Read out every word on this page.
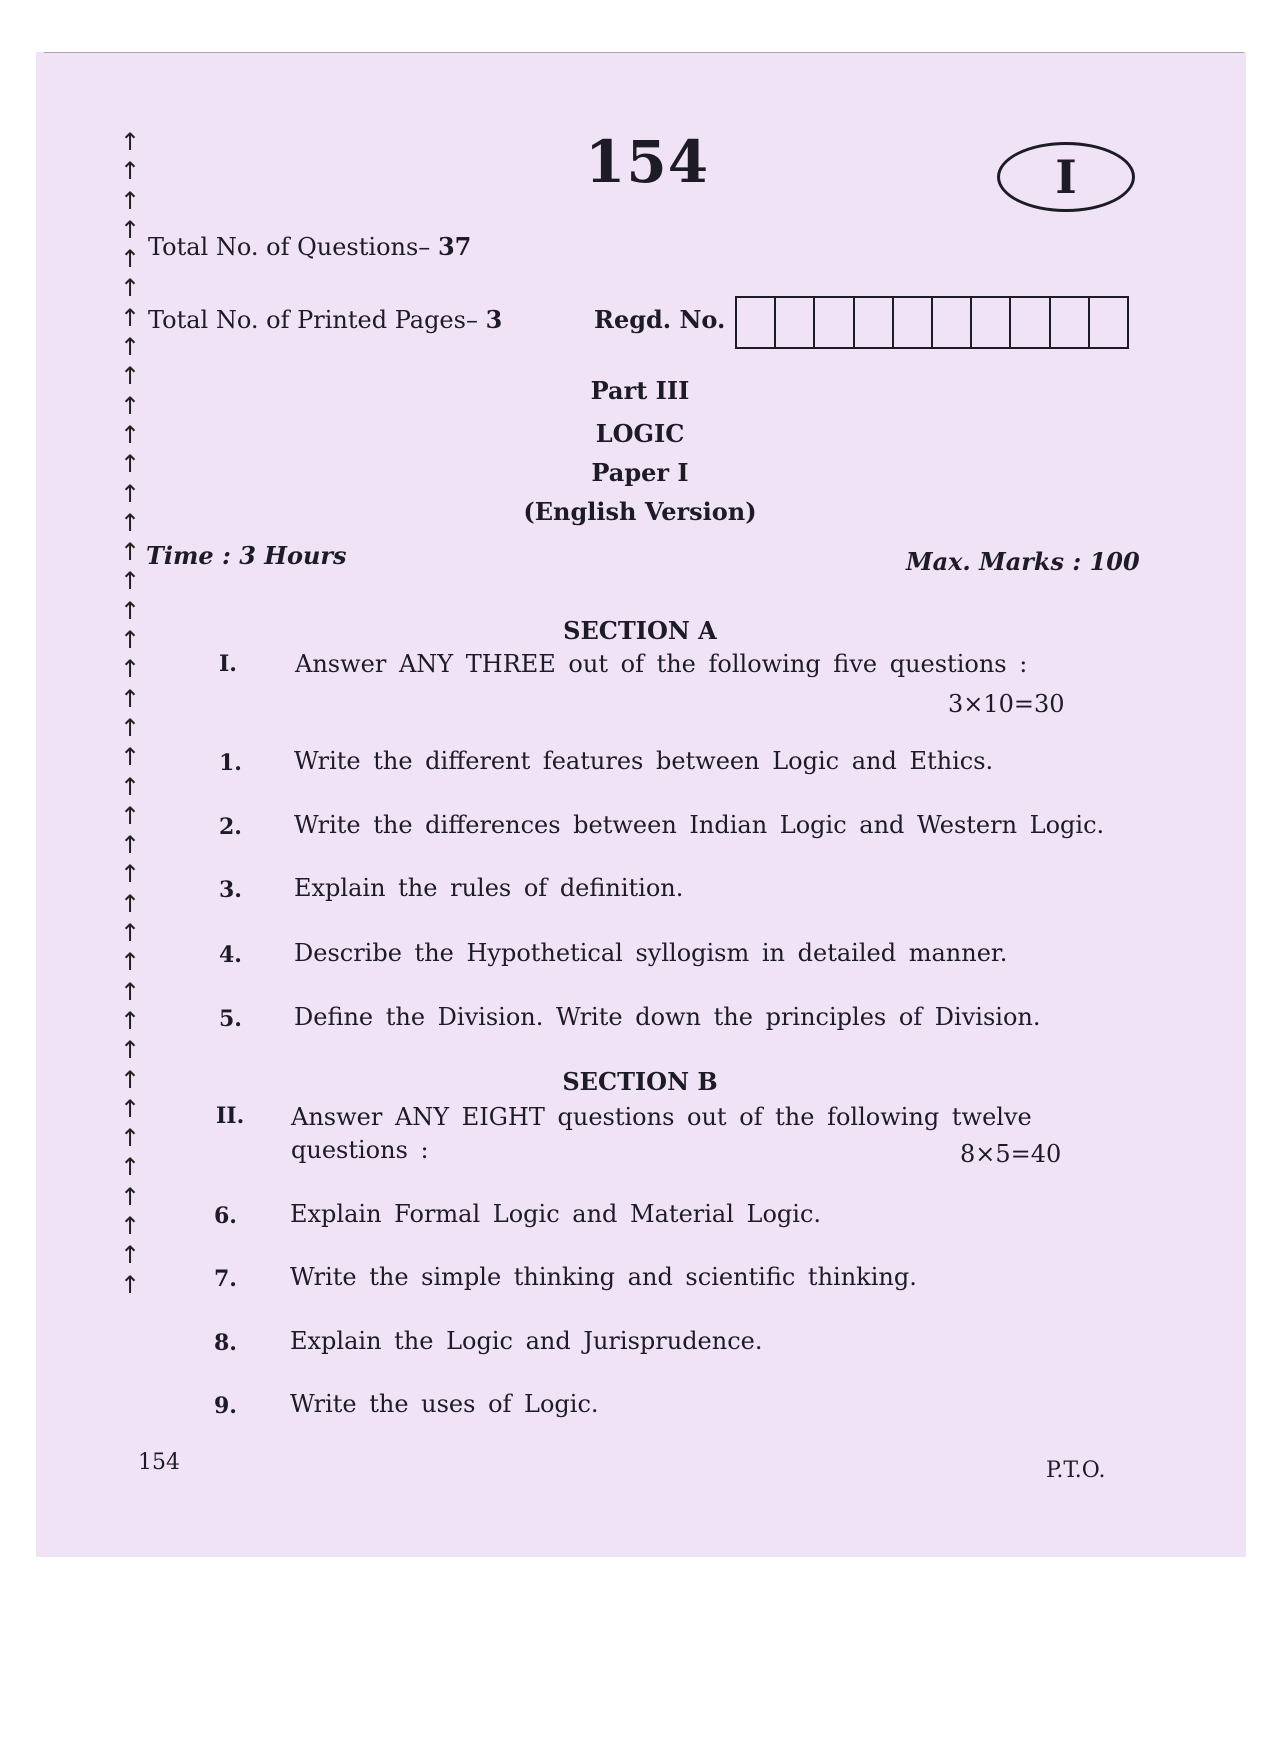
↑
↑
↑
↑
↑
↑
↑
↑
↑
↑
↑
↑
↑
↑
↑
↑
↑
↑
↑
↑
↑
↑
↑
↑
↑
↑
↑
↑
↑
↑
↑
↑
↑
↑
↑
↑
↑
↑
↑
↑
154	I
Total No. of Questions– 37
Total No. of Printed Pages– 3	Regd. No.
Part III
LOGIC
Paper I
(English Version)
Time : 3 Hours	Max. Marks : 100
SECTION A
I. Answer ANY THREE out of the following five questions :
3×10=30
1. Write the different features between Logic and Ethics.
2. Write the differences between Indian Logic and Western Logic.
3. Explain the rules of definition.
4. Describe the Hypothetical syllogism in detailed manner.
5. Define the Division. Write down the principles of Division.
SECTION B
II. Answer ANY EIGHT questions out of the following twelve
questions :	8×5=40
6. Explain Formal Logic and Material Logic.
7. Write the simple thinking and scientific thinking.
8. Explain the Logic and Jurisprudence.
9. Write the uses of Logic.
154	P.T.O.
